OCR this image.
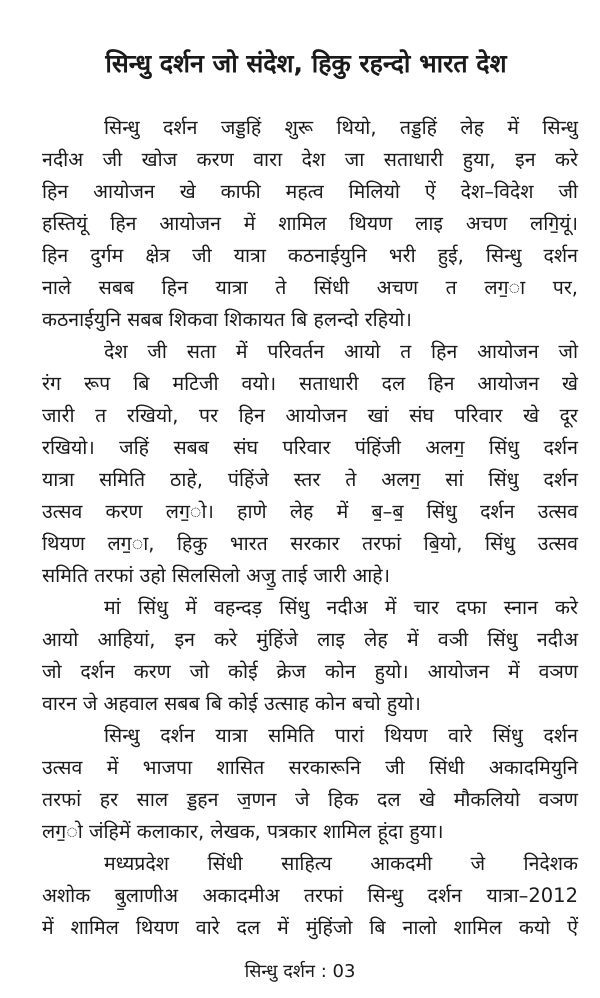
सिन्धु दर्शन जो संदेश, हिकु रहन्दो भारत देश
सिन्धु दर्शन जड्डहिं शुरू थियो, तड्डहिं लेह में सिन्धु
नदीअ जी खोज करण वारा देश जा सताधारी हुया, इन करे
हिन आयोजन खे काफी महत्व मिलियो ऐं देश–विदेश जी
हस्तियूं हिन आयोजन में शामिल थियण लाइ अचण लगि॒यूं।
हिन दुर्गम क्षेत्र जी यात्रा कठनाईयुनि भरी हुई, सिन्धु दर्शन
नाले सबब हिन यात्रा ते सिंधी अचण त लग॒ा पर,
कठनाईयुनि सबब शिकवा शिकायत बि हलन्दो रहियो।
देश जी सता में परिवर्तन आयो त हिन आयोजन जो
रंग रूप बि मटिजी वयो। सताधारी दल हिन आयोजन खे
जारी त रखियो, पर हिन आयोजन खां संघ परिवार खे दूर
रखियो। जहिं सबब संघ परिवार पंहिंजी अलग॒ सिंधु दर्शन
यात्रा समिति ठाहे, पंहिंजे स्तर ते अलग॒ सां सिंधु दर्शन
उत्सव करण लग॒ो। हाणे लेह में ब॒–ब॒ सिंधु दर्शन उत्सव
थियण लग॒ा, हिकु भारत सरकार तरफां बि॒यो, सिंधु उत्सव
समिति तरफां उहो सिलसिलो अजु॒ ताई जारी आहे।
मां सिंधु में वहन्दड़ सिंधु नदीअ में चार दफा स्नान करे
आयो आहियां, इन करे मुंहिंजे लाइ लेह में वञी सिंधु नदीअ
जो दर्शन करण जो कोई क्रेज कोन हुयो। आयोजन में वञण
वारन जे अहवाल सबब बि कोई उत्साह कोन बचो हुयो।
सिन्धु दर्शन यात्रा समिति पारां थियण वारे सिंधु दर्शन
उत्सव में भाजपा शासित सरकारूनि जी सिंधी अकादमियुनि
तरफां हर साल ड्डहन ज॒णन जे हिक दल खे मौकलियो वञण
लग॒ो जंहिमें कलाकार, लेखक, पत्रकार शामिल हूंदा हुया।
मध्यप्रदेश सिंधी साहित्य आकदमी जे निदेशक
अशोक बु॒लाणीअ अकादमीअ तरफां सिन्धु दर्शन यात्रा–2012
में शामिल थियण वारे दल में मुंहिंजो बि नालो शामिल कयो ऐं
सिन्धु दर्शन : 03
